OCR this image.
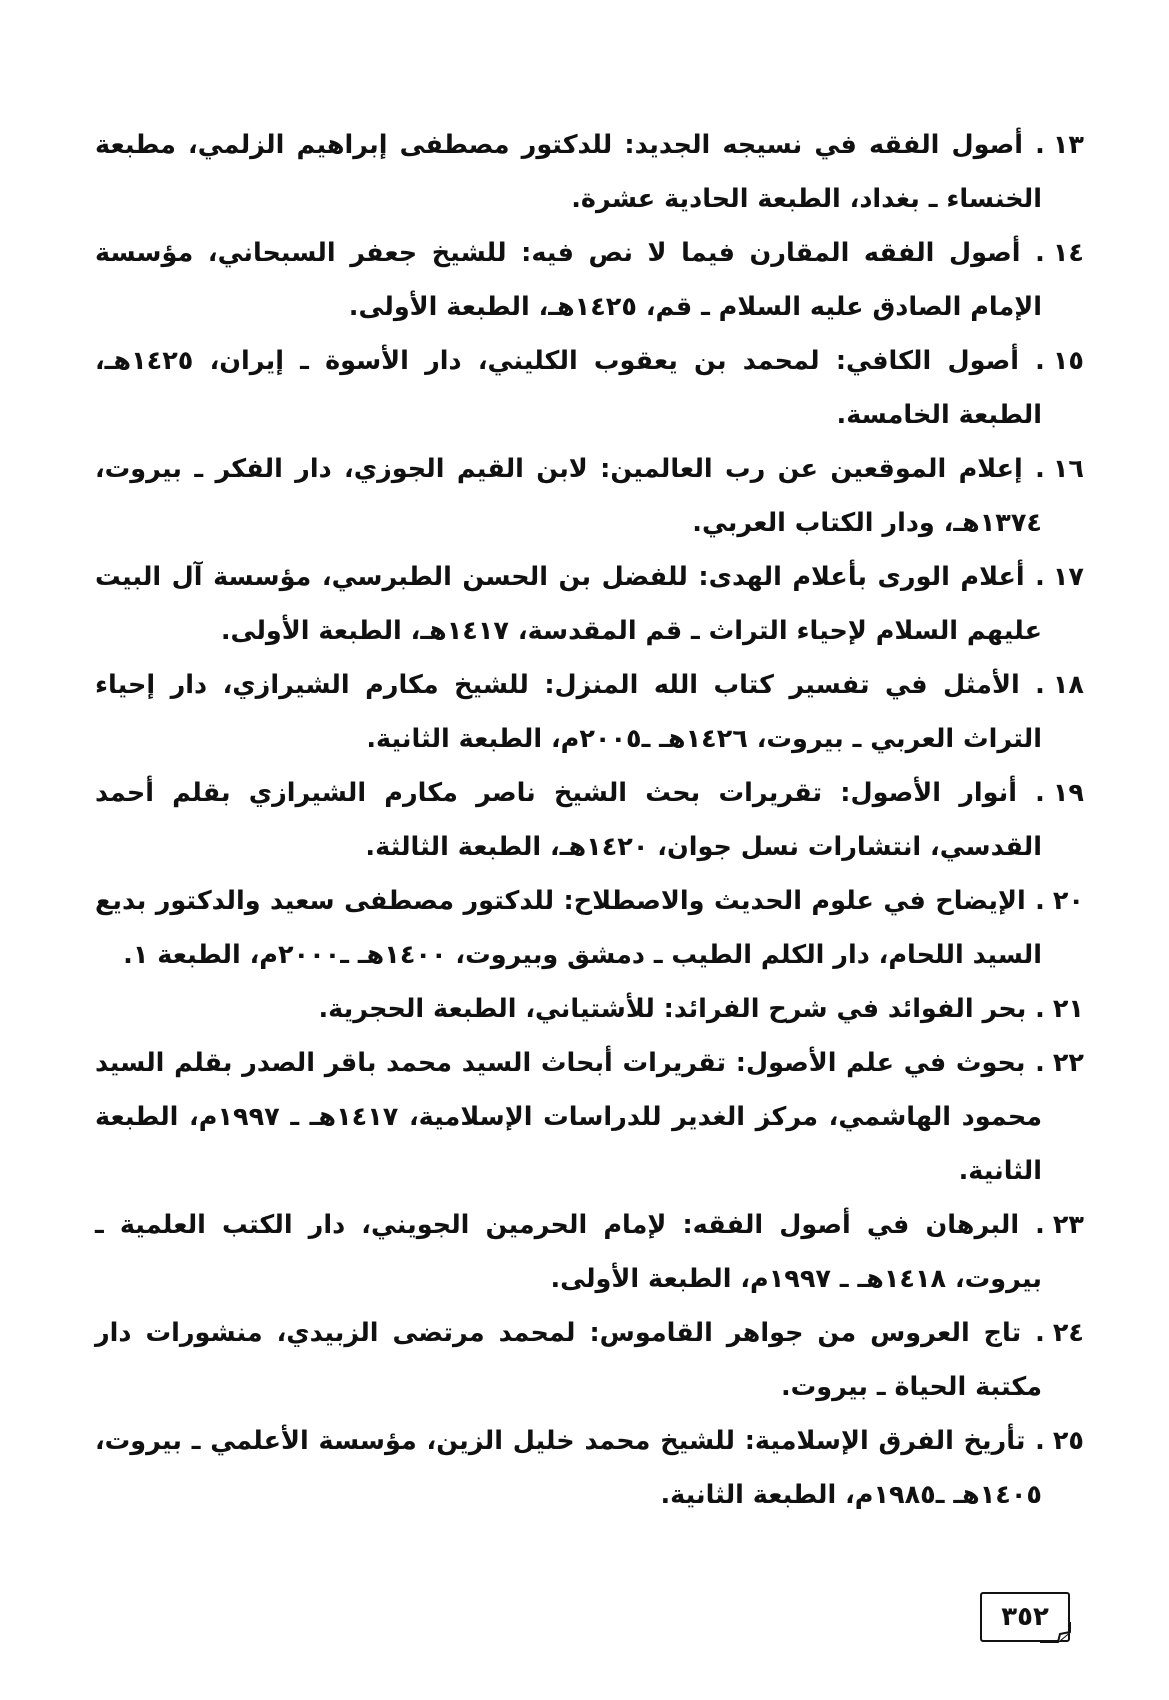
١٣. أصول الفقه في نسيجه الجديد: للدكتور مصطفى إبراهيم الزلمي، مطبعة الخنساء ـ بغداد، الطبعة الحادية عشرة.
١٤. أصول الفقه المقارن فيما لا نص فيه: للشيخ جعفر السبحاني، مؤسسة الإمام الصادق عليه السلام ـ قم، ١٤٢٥هـ، الطبعة الأولى.
١٥. أصول الكافي: لمحمد بن يعقوب الكليني، دار الأسوة ـ إيران، ١٤٢٥هـ، الطبعة الخامسة.
١٦. إعلام الموقعين عن رب العالمين: لابن القيم الجوزي، دار الفكر ـ بيروت، ١٣٧٤هـ، ودار الكتاب العربي.
١٧. أعلام الورى بأعلام الهدى: للفضل بن الحسن الطبرسي، مؤسسة آل البيت عليهم السلام لإحياء التراث ـ قم المقدسة، ١٤١٧هـ، الطبعة الأولى.
١٨. الأمثل في تفسير كتاب الله المنزل: للشيخ مكارم الشيرازي، دار إحياء التراث العربي ـ بيروت، ١٤٢٦هـ ـ٢٠٠٥م، الطبعة الثانية.
١٩. أنوار الأصول: تقريرات بحث الشيخ ناصر مكارم الشيرازي بقلم أحمد القدسي، انتشارات نسل جوان، ١٤٢٠هـ، الطبعة الثالثة.
٢٠. الإيضاح في علوم الحديث والاصطلاح: للدكتور مصطفى سعيد والدكتور بديع السيد اللحام، دار الكلم الطيب ـ دمشق وبيروت، ١٤٠٠هـ ـ٢٠٠٠م، الطبعة ١.
٢١. بحر الفوائد في شرح الفرائد: للأشتياني، الطبعة الحجرية.
٢٢. بحوث في علم الأصول: تقريرات أبحاث السيد محمد باقر الصدر بقلم السيد محمود الهاشمي، مركز الغدير للدراسات الإسلامية، ١٤١٧هـ ـ ١٩٩٧م، الطبعة الثانية.
٢٣. البرهان في أصول الفقه: لإمام الحرمين الجويني، دار الكتب العلمية ـ بيروت، ١٤١٨هـ ـ ١٩٩٧م، الطبعة الأولى.
٢٤. تاج العروس من جواهر القاموس: لمحمد مرتضى الزبيدي، منشورات دار مكتبة الحياة ـ بيروت.
٢٥. تأريخ الفرق الإسلامية: للشيخ محمد خليل الزين، مؤسسة الأعلمي ـ بيروت، ١٤٠٥هـ ـ١٩٨٥م، الطبعة الثانية.
٣٥٢
